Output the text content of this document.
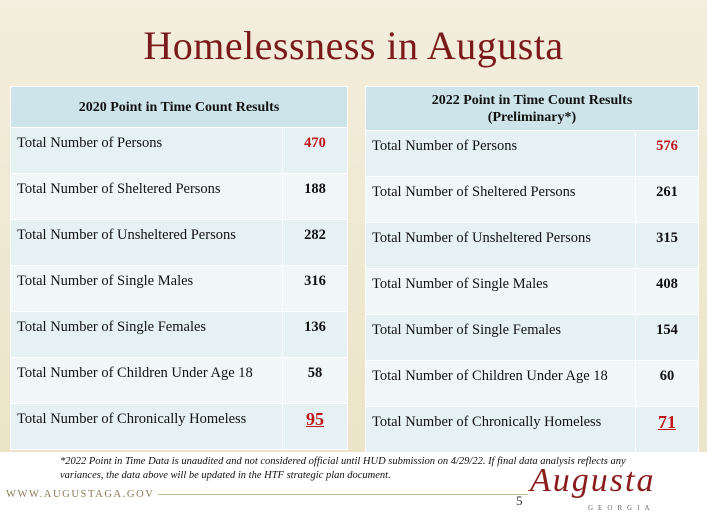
Homelessness in Augusta
2020 Point in Time Count Results	
Total Number of Persons	470
Total Number of Sheltered Persons	188
Total Number of Unsheltered Persons	282
Total Number of Single Males	316
Total Number of Single Females	136
Total Number of Children Under Age 18	58
Total Number of Chronically Homeless	95
2022 Point in Time Count Results
(Preliminary*)	
Total Number of Persons	576
Total Number of Sheltered Persons	261
Total Number of Unsheltered Persons	315
Total Number of Single Males	408
Total Number of Single Females	154
Total Number of Children Under Age 18	60
Total Number of Chronically Homeless	71
*2022 Point in Time Data is unaudited and not considered official until HUD submission on 4/29/22. If final data analysis reflects any variances, the data above will be updated in the HTF strategic plan document.
WWW.AUGUSTAGA.GOV	5
Augusta
GEORGIA
